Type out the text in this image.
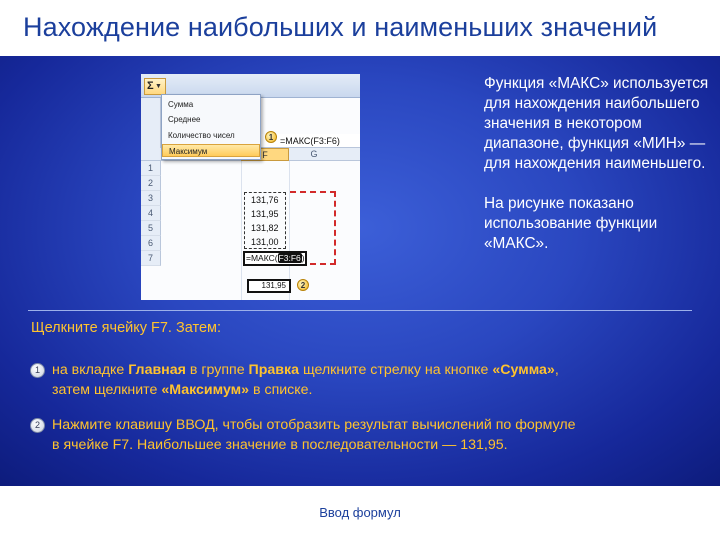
Нахождение наибольших и наименьших значений
Σ ▼
=МАКС(F3:F6)
F	G
1
2
3
4
5
6
7
Сумма
Среднее
Количество чисел
Максимум
1
131,76
131,95
131,82
131,00
=МАКС(F3:F6)
131,95	2

Функция «МАКС» используется для нахождения наибольшего значения в некотором диапазоне, функция «МИН» — для нахождения наименьшего.

На рисунке показано использование функции «МАКС».

Щелкните ячейку F7. Затем:
1 на вкладке Главная в группе Правка щелкните стрелку на кнопке «Сумма»,
затем щелкните «Максимум» в списке.
2 Нажмите клавишу ВВОД, чтобы отобразить результат вычислений по формуле
в ячейке F7. Наибольшее значение в последовательности — 131,95.
Ввод формул
